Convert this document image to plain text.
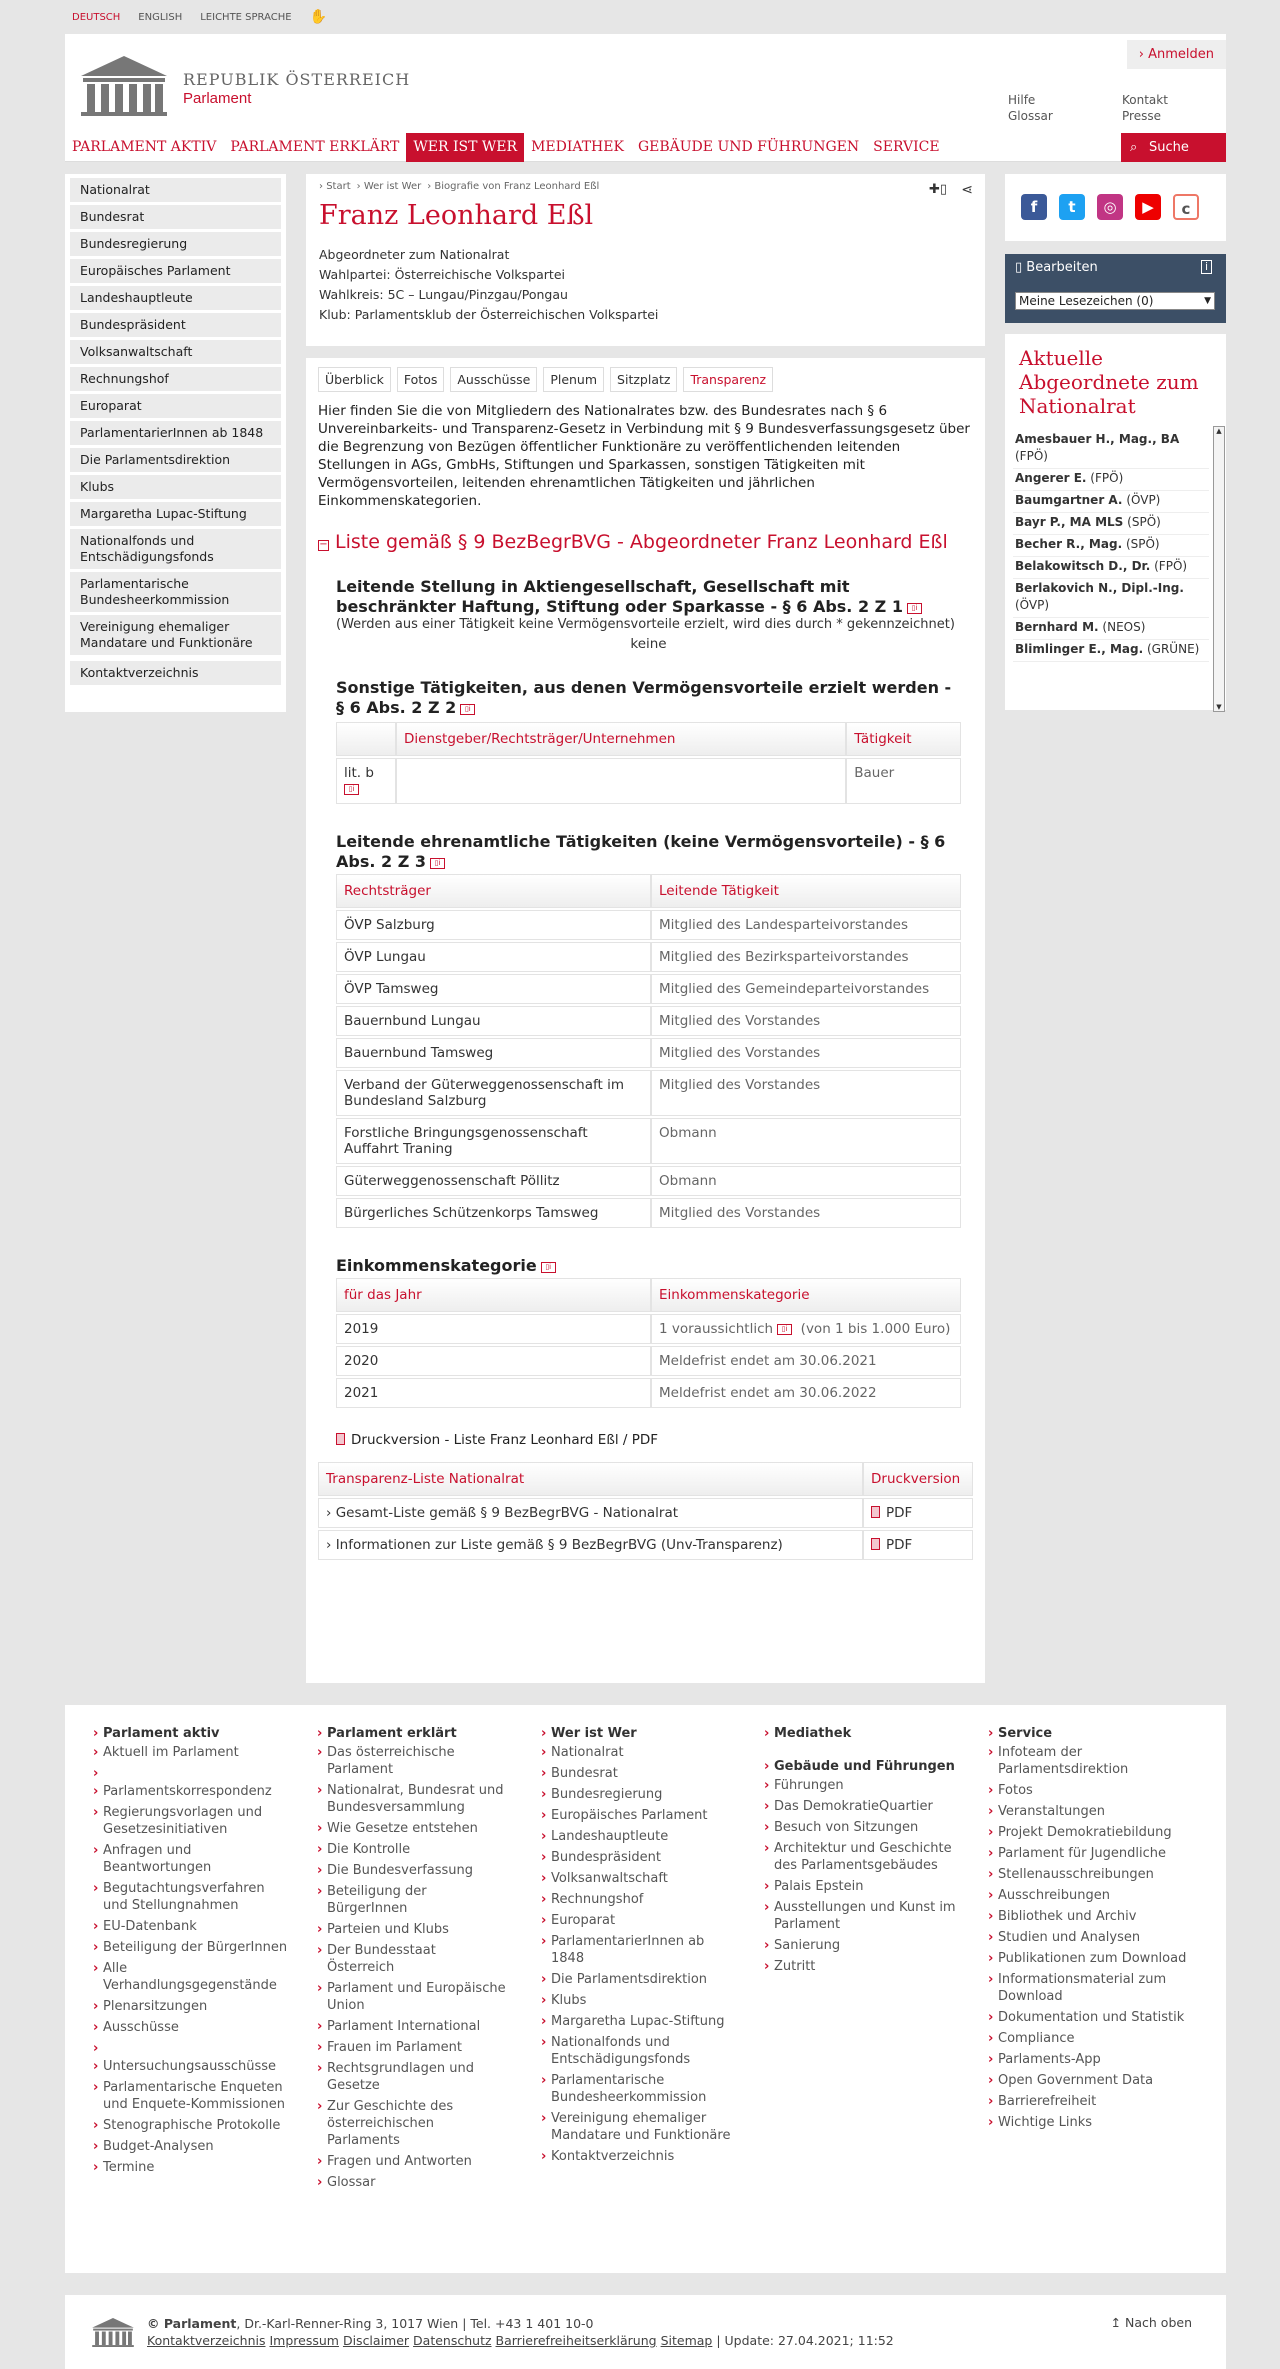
DEUTSCH ENGLISH LEICHTE SPRACHE ✋
REPUBLIK ÖSTERREICH
Parlament
› Anmelden
Hilfe
Glossar
Kontakt
Presse
PARLAMENT AKTIV	PARLAMENT ERKLÄRT	WER IST WER	MEDIATHEK	GEBÄUDE UND FÜHRUNGEN	SERVICE	⌕ Suche
Nationalrat
Bundesrat
Bundesregierung
Europäisches Parlament
Landeshauptleute
Bundespräsident
Volksanwaltschaft
Rechnungshof
Europarat
ParlamentarierInnen ab 1848
Die Parlamentsdirektion
Klubs
Margaretha Lupac-Stiftung
Nationalfonds und Entschädigungsfonds
Parlamentarische Bundesheerkommission
Vereinigung ehemaliger Mandatare und Funktionäre
Kontaktverzeichnis
› Start › Wer ist Wer › Biografie von Franz Leonhard Eßl	✚▯ ⋖
Franz Leonhard Eßl
Abgeordneter zum Nationalrat
Wahlpartei: Österreichische Volkspartei
Wahlkreis: 5C – Lungau/Pinzgau/Pongau
Klub: Parlamentsklub der Österreichischen Volkspartei
Überblick	Fotos	Ausschüsse	Plenum	Sitzplatz	Transparenz

Hier finden Sie die von Mitgliedern des Nationalrates bzw. des Bundesrates nach § 6 Unvereinbarkeits- und Transparenz-Gesetz in Verbindung mit § 9 Bundesverfassungsgesetz über die Begrenzung von Bezügen öffentlicher Funktionäre zu veröffentlichenden leitenden Stellungen in AGs, GmbHs, Stiftungen und Sparkassen, sonstigen Tätigkeiten mit Vermögensvorteilen, leitenden ehrenamtlichen Tätigkeiten und jährlichen Einkommenskategorien.

− Liste gemäß § 9 BezBegrBVG - Abgeordneter Franz Leonhard Eßl
Leitende Stellung in Aktiengesellschaft, Gesellschaft mit beschränkter Haftung, Stiftung oder Sparkasse - § 6 Abs. 2 Z 1 ▯i
(Werden aus einer Tätigkeit keine Vermögensvorteile erzielt, wird dies durch * gekennzeichnet)
keine
Sonstige Tätigkeiten, aus denen Vermögensvorteile erzielt werden - § 6 Abs. 2 Z 2 ▯i
	Dienstgeber/Rechtsträger/Unternehmen	Tätigkeit
lit. b
▯i		Bauer
Leitende ehrenamtliche Tätigkeiten (keine Vermögensvorteile) - § 6 Abs. 2 Z 3 ▯i
Rechtsträger	Leitende Tätigkeit
ÖVP Salzburg	Mitglied des Landesparteivorstandes
ÖVP Lungau	Mitglied des Bezirksparteivorstandes
ÖVP Tamsweg	Mitglied des Gemeindeparteivorstandes
Bauernbund Lungau	Mitglied des Vorstandes
Bauernbund Tamsweg	Mitglied des Vorstandes
Verband der Güterweggenossenschaft im Bundesland Salzburg	Mitglied des Vorstandes
Forstliche Bringungsgenossenschaft Auffahrt Traning	Obmann
Güterweggenossenschaft Pöllitz	Obmann
Bürgerliches Schützenkorps Tamsweg	Mitglied des Vorstandes
Einkommenskategorie ▯i
für das Jahr	Einkommenskategorie
2019	1 voraussichtlich ▯i (von 1 bis 1.000 Euro)
2020	Meldefrist endet am 30.06.2021
2021	Meldefrist endet am 30.06.2022
Druckversion - Liste Franz Leonhard Eßl / PDF
Transparenz-Liste Nationalrat	Druckversion
› Gesamt-Liste gemäß § 9 BezBegrBVG - Nationalrat	PDF
› Informationen zur Liste gemäß § 9 BezBegrBVG (Unv-Transparenz)	PDF
f	t	◎	▶	c
▯ Bearbeiten	i
Meine Lesezeichen (0)	▼
Aktuelle Abgeordnete zum Nationalrat
Amesbauer H., Mag., BA (FPÖ)
Angerer E. (FPÖ)
Baumgartner A. (ÖVP)
Bayr P., MA MLS (SPÖ)
Becher R., Mag. (SPÖ)
Belakowitsch D., Dr. (FPÖ)
Berlakovich N., Dipl.-Ing. (ÖVP)
Bernhard M. (NEOS)
Blimlinger E., Mag. (GRÜNE)
▲
▼
› Parlament aktiv
› Aktuell im Parlament
›
› Parlamentskorrespondenz
› Regierungsvorlagen und Gesetzesinitiativen
› Anfragen und Beantwortungen
› Begutachtungsverfahren und Stellungnahmen
› EU-Datenbank
› Beteiligung der BürgerInnen
› Alle Verhandlungsgegenstände
› Plenarsitzungen
› Ausschüsse
›
› Untersuchungsausschüsse
› Parlamentarische Enqueten und Enquete-Kommissionen
› Stenographische Protokolle
› Budget-Analysen
› Termine
› Parlament erklärt
› Das österreichische Parlament
› Nationalrat, Bundesrat und Bundesversammlung
› Wie Gesetze entstehen
› Die Kontrolle
› Die Bundesverfassung
› Beteiligung der BürgerInnen
› Parteien und Klubs
› Der Bundesstaat Österreich
› Parlament und Europäische Union
› Parlament International
› Frauen im Parlament
› Rechtsgrundlagen und Gesetze
› Zur Geschichte des österreichischen Parlaments
› Fragen und Antworten
› Glossar
› Wer ist Wer
› Nationalrat
› Bundesrat
› Bundesregierung
› Europäisches Parlament
› Landeshauptleute
› Bundespräsident
› Volksanwaltschaft
› Rechnungshof
› Europarat
› ParlamentarierInnen ab 1848
› Die Parlamentsdirektion
› Klubs
› Margaretha Lupac-Stiftung
› Nationalfonds und Entschädigungsfonds
› Parlamentarische Bundesheerkommission
› Vereinigung ehemaliger Mandatare und Funktionäre
› Kontaktverzeichnis
› Mediathek
› Gebäude und Führungen
› Führungen
› Das DemokratieQuartier
› Besuch von Sitzungen
› Architektur und Geschichte des Parlamentsgebäudes
› Palais Epstein
› Ausstellungen und Kunst im Parlament
› Sanierung
› Zutritt
› Service
› Infoteam der Parlamentsdirektion
› Fotos
› Veranstaltungen
› Projekt Demokratiebildung
› Parlament für Jugendliche
› Stellenausschreibungen
› Ausschreibungen
› Bibliothek und Archiv
› Studien und Analysen
› Publikationen zum Download
› Informationsmaterial zum Download
› Dokumentation und Statistik
› Compliance
› Parlaments-App
› Open Government Data
› Barrierefreiheit
› Wichtige Links
© Parlament, Dr.-Karl-Renner-Ring 3, 1017 Wien | Tel. +43 1 401 10-0
Kontaktverzeichnis Impressum Disclaimer Datenschutz Barrierefreiheitserklärung Sitemap | Update: 27.04.2021; 11:52
↥ Nach oben
